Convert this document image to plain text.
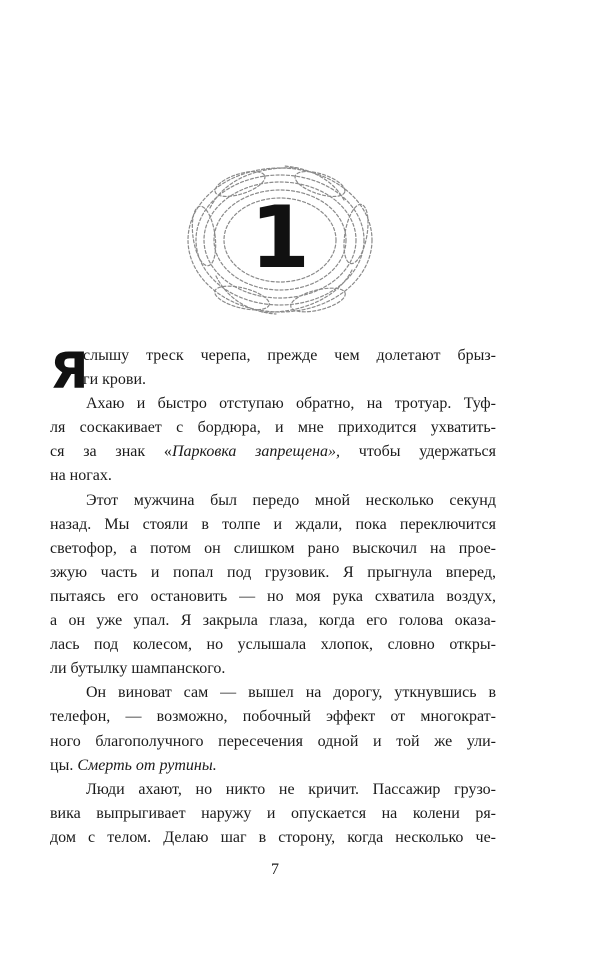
1
Я
слышу треск черепа, прежде чем долетают брыз-
ги крови.
Ахаю и быстро отступаю обратно, на тротуар. Туф-
ля соскакивает с бордюра, и мне приходится ухватить-
ся за знак «Парковка запрещена», чтобы удержаться
на ногах.
Этот мужчина был передо мной несколько секунд
назад. Мы стояли в толпе и ждали, пока переключится
светофор, а потом он слишком рано выскочил на прое-
зжую часть и попал под грузовик. Я прыгнула вперед,
пытаясь его остановить — но моя рука схватила воздух,
а он уже упал. Я закрыла глаза, когда его голова оказа-
лась под колесом, но услышала хлопок, словно откры-
ли бутылку шампанского.
Он виноват сам — вышел на дорогу, уткнувшись в
телефон, — возможно, побочный эффект от многократ-
ного благополучного пересечения одной и той же ули-
цы. Смерть от рутины.
Люди ахают, но никто не кричит. Пассажир грузо-
вика выпрыгивает наружу и опускается на колени ря-
дом с телом. Делаю шаг в сторону, когда несколько че-
7
